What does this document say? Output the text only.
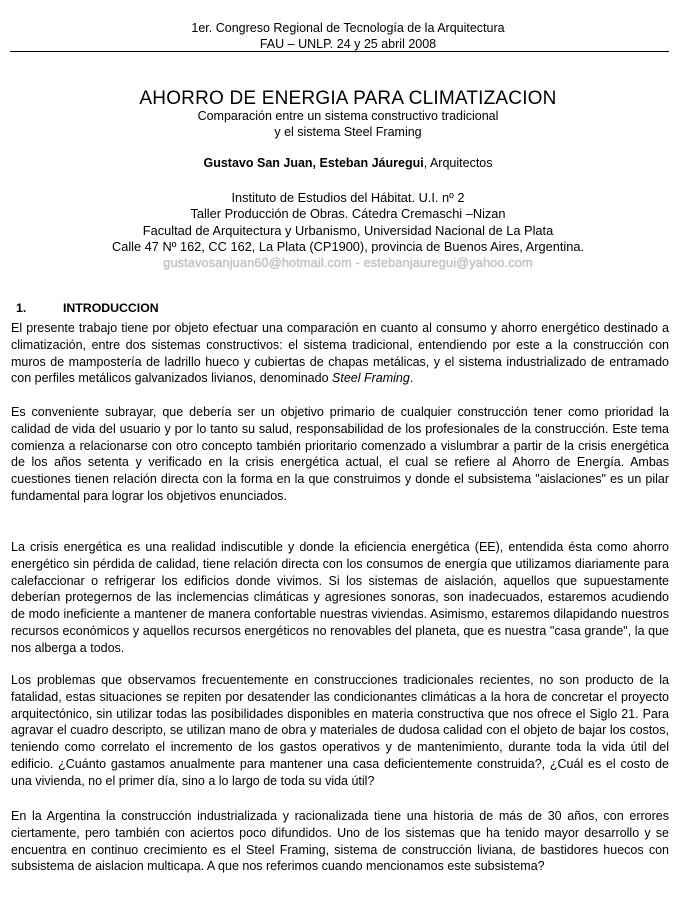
1er. Congreso Regional de Tecnología de la Arquitectura
FAU – UNLP. 24 y 25 abril 2008
AHORRO DE ENERGIA PARA CLIMATIZACION
Comparación entre un sistema constructivo tradicional
y el sistema Steel Framing
Gustavo San Juan, Esteban Jáuregui, Arquitectos
Instituto de Estudios del Hábitat. U.I. nº 2
Taller Producción de Obras. Cátedra Cremaschi –Nizan
Facultad de Arquitectura y Urbanismo, Universidad Nacional de La Plata
Calle 47 Nº 162, CC 162, La Plata (CP1900), provincia de Buenos Aires, Argentina.
gustavosanjuan60@hotmail.com - estebanjauregui@yahoo.com
1.	INTRODUCCION

El presente trabajo tiene por objeto efectuar una comparación en cuanto al consumo y ahorro energético destinado a climatización, entre dos sistemas constructivos: el sistema tradicional, entendiendo por este a la construcción con muros de mampostería de ladrillo hueco y cubiertas de chapas metálicas, y el sistema industrializado de entramado con perfiles metálicos galvanizados livianos, denominado Steel Framing.

Es conveniente subrayar, que debería ser un objetivo primario de cualquier construcción tener como prioridad la calidad de vida del usuario y por lo tanto su salud, responsabilidad de los profesionales de la construcción. Este tema comienza a relacionarse con otro concepto también prioritario comenzado a vislumbrar a partir de la crisis energética de los años setenta y verificado en la crisis energética actual, el cual se refiere al Ahorro de Energía. Ambas cuestiones tienen relación directa con la forma en la que construimos y donde el subsistema "aislaciones" es un pilar fundamental para lograr los objetivos enunciados.

La crisis energética es una realidad indiscutible y donde la eficiencia energética (EE), entendida ésta como ahorro energético sin pérdida de calidad, tiene relación directa con los consumos de energía que utilizamos diariamente para calefaccionar o refrigerar los edificios donde vivimos. Si los sistemas de aislación, aquellos que supuestamente deberían protegernos de las inclemencias climáticas y agresiones sonoras, son inadecuados, estaremos acudiendo de modo ineficiente a mantener de manera confortable nuestras viviendas. Asimismo, estaremos dilapidando nuestros recursos económicos y aquellos recursos energéticos no renovables del planeta, que es nuestra "casa grande", la que nos alberga a todos.

Los problemas que observamos frecuentemente en construcciones tradicionales recientes, no son producto de la fatalidad, estas situaciones se repiten por desatender las condicionantes climáticas a la hora de concretar el proyecto arquitectónico, sin utilizar todas las posibilidades disponibles en materia constructiva que nos ofrece el Siglo 21. Para agravar el cuadro descripto, se utilizan mano de obra y materiales de dudosa calidad con el objeto de bajar los costos, teniendo como correlato el incremento de los gastos operativos y de mantenimiento, durante toda la vida útil del edificio. ¿Cuánto gastamos anualmente para mantener una casa deficientemente construida?, ¿Cuál es el costo de una vivienda, no el primer día, sino a lo largo de toda su vida útil?

En la Argentina la construcción industrializada y racionalizada tiene una historia de más de 30 años, con errores ciertamente, pero también con aciertos poco difundidos. Uno de los sistemas que ha tenido mayor desarrollo y se encuentra en continuo crecimiento es el Steel Framing, sistema de construcción liviana, de bastidores huecos con subsistema de aislacion multicapa. A que nos referimos cuando mencionamos este subsistema?
